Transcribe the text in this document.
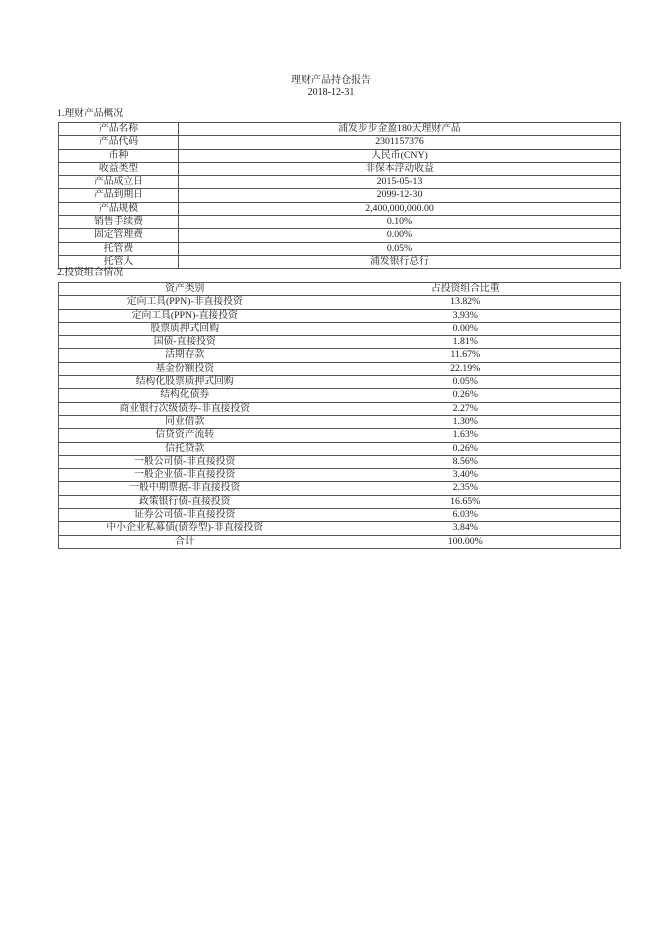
理财产品持仓报告
2018-12-31
1.理财产品概况
产品名称	浦发步步金盈180天理财产品
产品代码	2301157376
币种	人民币(CNY)
收益类型	非保本浮动收益
产品成立日	2015-05-13
产品到期日	2099-12-30
产品规模	2,400,000,000.00
销售手续费	0.10%
固定管理费	0.00%
托管费	0.05%
托管人	浦发银行总行
2.投资组合情况
资产类别	占投资组合比重
定向工具(PPN)-非直接投资	13.82%
定向工具(PPN)-直接投资	3.93%
股票质押式回购	0.00%
国债-直接投资	1.81%
活期存款	11.67%
基金份额投资	22.19%
结构化股票质押式回购	0.05%
结构化债券	0.26%
商业银行次级债券-非直接投资	2.27%
同业借款	1.30%
信贷资产流转	1.63%
信托贷款	0.26%
一般公司债-非直接投资	8.56%
一般企业债-非直接投资	3.40%
一般中期票据-非直接投资	2.35%
政策银行债-直接投资	16.65%
证券公司债-非直接投资	6.03%
中小企业私募债(债券型)-非直接投资	3.84%
合计	100.00%
